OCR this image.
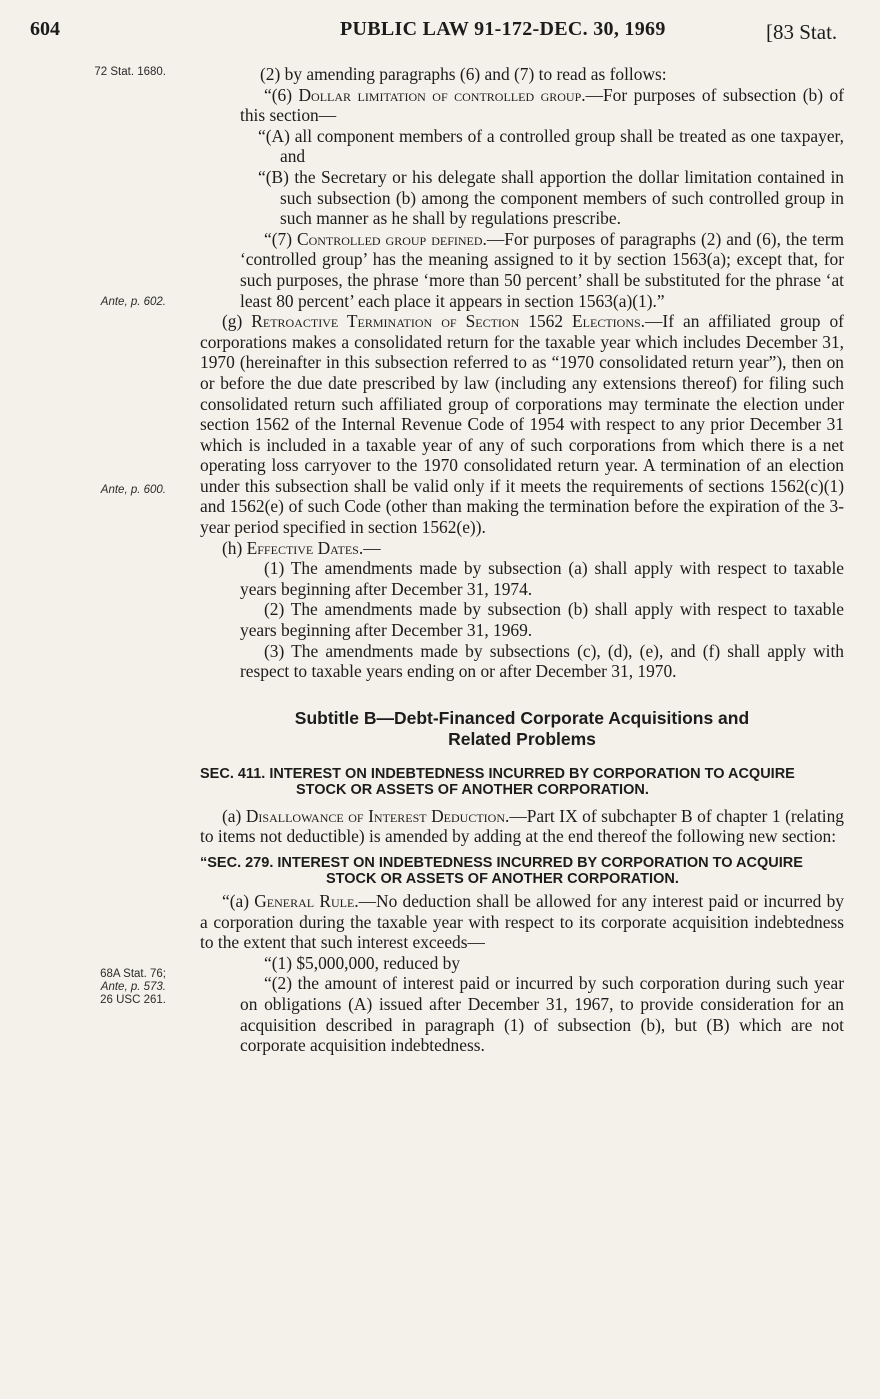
604	PUBLIC LAW 91-172-DEC. 30, 1969	[83 Stat.
72 Stat. 1680.
Ante, p. 602.
Ante, p. 600.
68A Stat. 76;
Ante, p. 573.
26 USC 261.

(2) by amending paragraphs (6) and (7) to read as follows:

“(6) Dollar limitation of controlled group.—For purposes of subsection (b) of this section—

“(A) all component members of a controlled group shall be treated as one taxpayer, and

“(B) the Secretary or his delegate shall apportion the dollar limitation contained in such subsection (b) among the component members of such controlled group in such manner as he shall by regulations prescribe.

“(7) Controlled group defined.—For purposes of paragraphs (2) and (6), the term ‘controlled group’ has the meaning assigned to it by section 1563(a); except that, for such purposes, the phrase ‘more than 50 percent’ shall be substituted for the phrase ‘at least 80 percent’ each place it appears in section 1563(a)(1).”

(g) Retroactive Termination of Section 1562 Elections.—If an affiliated group of corporations makes a consolidated return for the taxable year which includes December 31, 1970 (hereinafter in this subsection referred to as “1970 consolidated return year”), then on or before the due date prescribed by law (including any extensions thereof) for filing such consolidated return such affiliated group of corporations may terminate the election under section 1562 of the Internal Revenue Code of 1954 with respect to any prior December 31 which is included in a taxable year of any of such corporations from which there is a net operating loss carryover to the 1970 consolidated return year. A termination of an election under this subsection shall be valid only if it meets the requirements of sections 1562(c)(1) and 1562(e) of such Code (other than making the termination before the expiration of the 3-year period specified in section 1562(e)).

(h) Effective Dates.—

(1) The amendments made by subsection (a) shall apply with respect to taxable years beginning after December 31, 1974.

(2) The amendments made by subsection (b) shall apply with respect to taxable years beginning after December 31, 1969.

(3) The amendments made by subsections (c), (d), (e), and (f) shall apply with respect to taxable years ending on or after December 31, 1970.

Subtitle B—Debt-Financed Corporate Acquisitions and
Related Problems

SEC. 411. INTEREST ON INDEBTEDNESS INCURRED BY CORPORATION TO ACQUIRE STOCK OR ASSETS OF ANOTHER CORPORATION.

(a) Disallowance of Interest Deduction.—Part IX of subchapter B of chapter 1 (relating to items not deductible) is amended by adding at the end thereof the following new section:

“SEC. 279. INTEREST ON INDEBTEDNESS INCURRED BY CORPORATION TO ACQUIRE STOCK OR ASSETS OF ANOTHER CORPORATION.

“(a) General Rule.—No deduction shall be allowed for any interest paid or incurred by a corporation during the taxable year with respect to its corporate acquisition indebtedness to the extent that such interest exceeds—

“(1) $5,000,000, reduced by

“(2) the amount of interest paid or incurred by such corporation during such year on obligations (A) issued after December 31, 1967, to provide consideration for an acquisition described in paragraph (1) of subsection (b), but (B) which are not corporate acquisition indebtedness.
